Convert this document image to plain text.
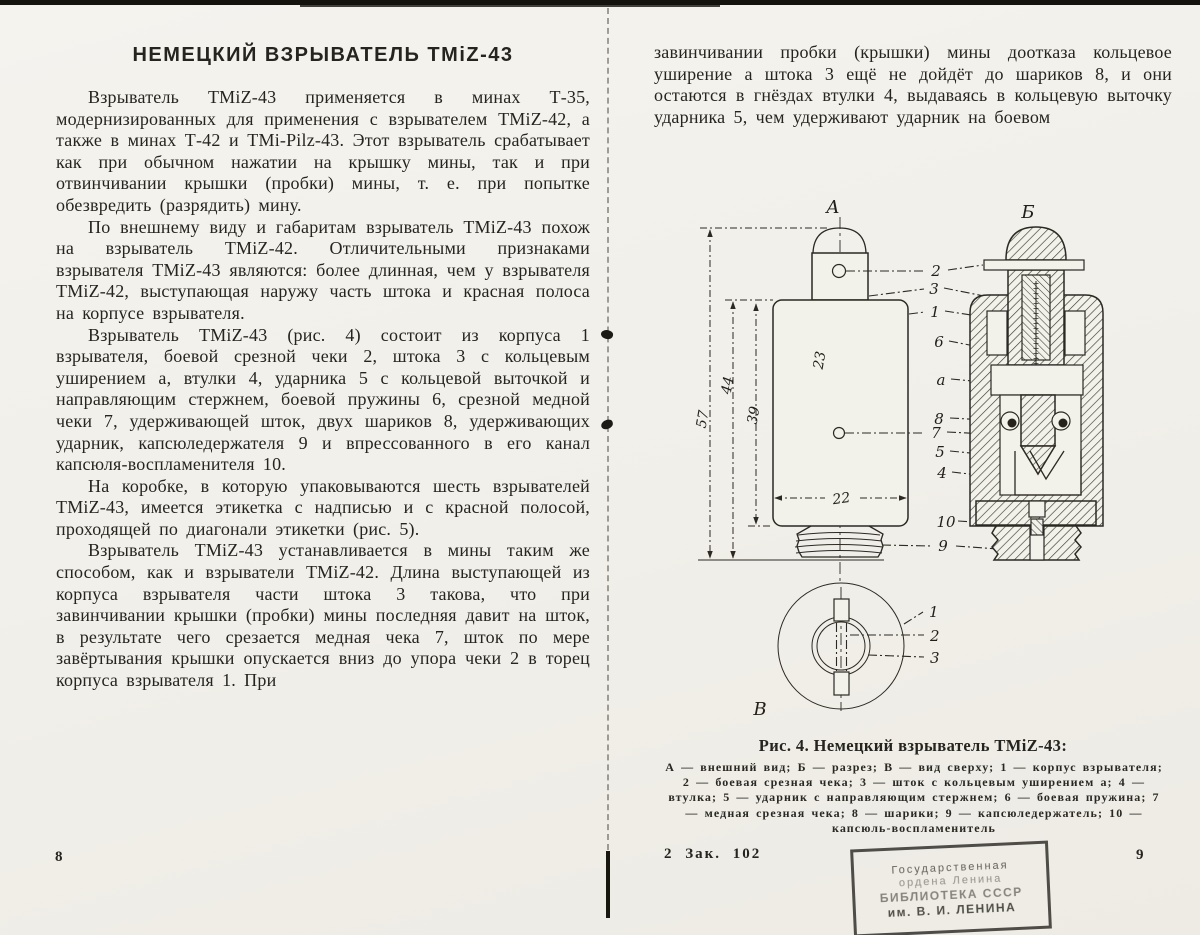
НЕМЕЦКИЙ ВЗРЫВАТЕЛЬ TMiZ-43

Взрыватель TMiZ-43 применяется в минах Т-35, модернизированных для применения с взрывателем TMiZ-42, а также в минах Т-42 и TMi-Pilz-43. Этот взрыватель срабатывает как при обычном нажатии на крышку мины, так и при отвинчивании крышки (пробки) мины, т. е. при попытке обезвредить (разрядить) мину.

По внешнему виду и габаритам взрыватель TMiZ-43 похож на взрыватель TMiZ-42. Отличительными признаками взрывателя TMiZ-43 являются: более длинная, чем у взрывателя TMiZ-42, выступающая наружу часть штока и красная полоса на корпусе взрывателя.

Взрыватель TMiZ-43 (рис. 4) состоит из корпуса 1 взрывателя, боевой срезной чеки 2, штока 3 с кольцевым уширением а, втулки 4, ударника 5 с кольцевой выточкой и направляющим стержнем, боевой пружины 6, срезной медной чеки 7, удерживающей шток, двух шариков 8, удерживающих ударник, капсюледержателя 9 и впрессованного в его канал капсюля-воспламенителя 10.

На коробке, в которую упаковываются шесть взрывателей TMiZ-43, имеется этикетка с надписью и с красной полосой, проходящей по диагонали этикетки (рис. 5).

Взрыватель TMiZ-43 устанавливается в мины таким же способом, как и взрыватели TMiZ-42. Длина выступающей из корпуса взрывателя части штока 3 такова, что при завинчивании крышки (пробки) мины последняя давит на шток, в результате чего срезается медная чека 7, шток по мере завёртывания крышки опускается вниз до упора чеки 2 в торец корпуса взрывателя 1. При

8

завинчивании пробки (крышки) мины доотказа кольцевое уширение а штока 3 ещё не дойдёт до шариков 8, и они остаются в гнёздах втулки 4, выдаваясь в кольцевую выточку ударника 5, чем удерживают ударник на боевом

А
57
44
39
23
22
2
3
1
6
а
8
7
5
4
10
9
Б
В
1
2
3
Рис. 4. Немецкий взрыватель TMiZ-43:
А — внешний вид; Б — разрез; В — вид сверху; 1 — корпус взрывателя; 2 — боевая срезная чека; 3 — шток с кольцевым уширением а; 4 — втулка; 5 — ударник с направляющим стержнем; 6 — боевая пружина; 7 — медная срезная чека; 8 — шарики; 9 — капсюледержатель; 10 — капсюль-воспламенитель
2 Зак. 102
Государственная
ордена Ленина
БИБЛИОТЕКА СССР
им. В. И. ЛЕНИНА
9
